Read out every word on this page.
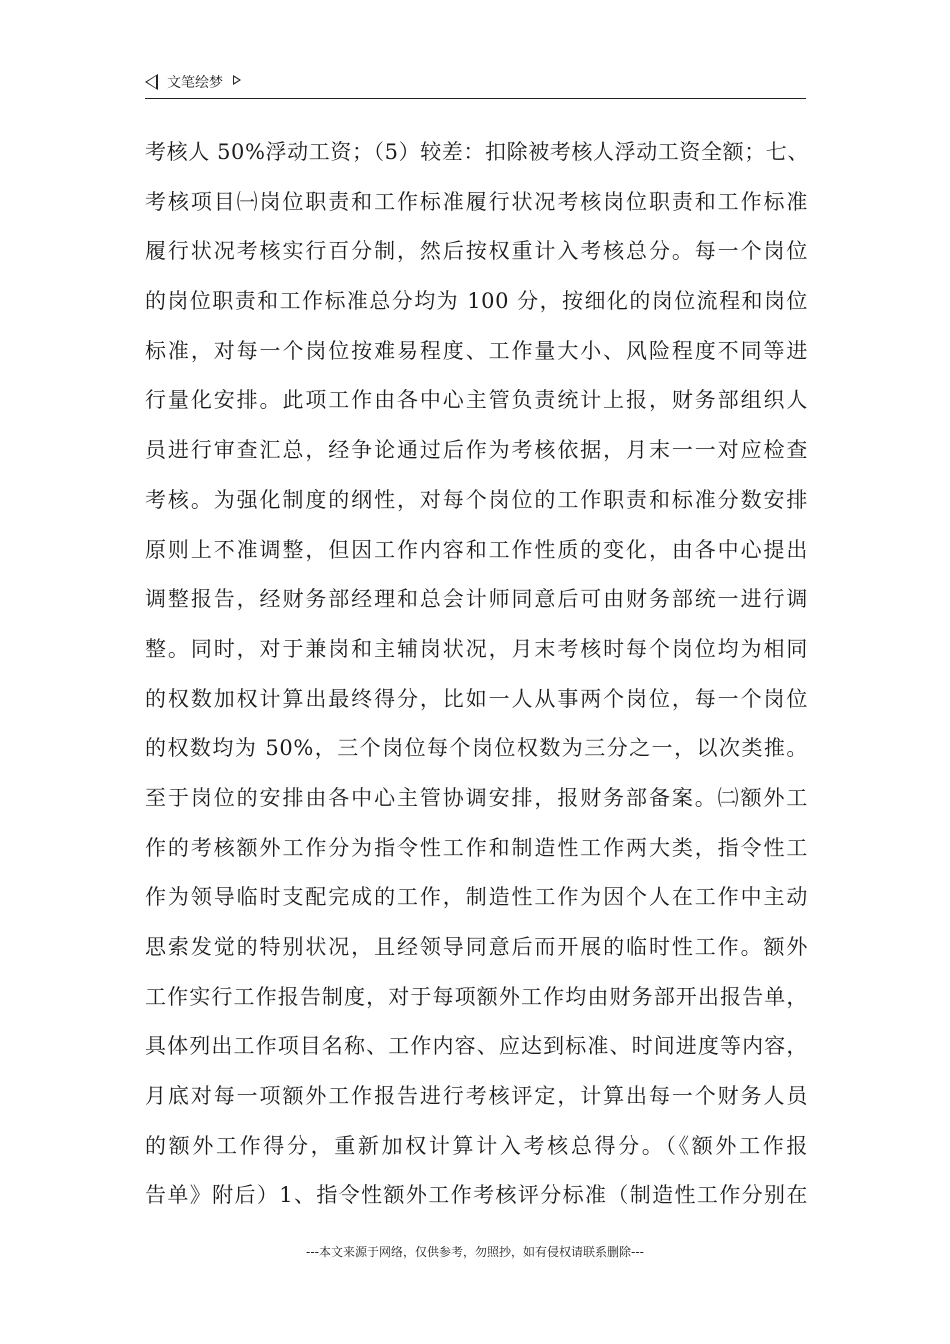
文笔绘梦
考核人 50%浮动工资；（5）较差：扣除被考核人浮动工资全额；七、
考核项目㈠岗位职责和工作标准履行状况考核岗位职责和工作标准
履行状况考核实行百分制，然后按权重计入考核总分。每一个岗位
的岗位职责和工作标准总分均为 100 分，按细化的岗位流程和岗位
标准，对每一个岗位按难易程度、工作量大小、风险程度不同等进
行量化安排。此项工作由各中心主管负责统计上报，财务部组织人
员进行审查汇总，经争论通过后作为考核依据，月末一一对应检查
考核。为强化制度的纲性，对每个岗位的工作职责和标准分数安排
原则上不准调整，但因工作内容和工作性质的变化，由各中心提出
调整报告，经财务部经理和总会计师同意后可由财务部统一进行调
整。同时，对于兼岗和主辅岗状况，月末考核时每个岗位均为相同
的权数加权计算出最终得分，比如一人从事两个岗位，每一个岗位
的权数均为 50%，三个岗位每个岗位权数为三分之一，以次类推。
至于岗位的安排由各中心主管协调安排，报财务部备案。㈡额外工
作的考核额外工作分为指令性工作和制造性工作两大类，指令性工
作为领导临时支配完成的工作，制造性工作为因个人在工作中主动
思索发觉的特别状况，且经领导同意后而开展的临时性工作。额外
工作实行工作报告制度，对于每项额外工作均由财务部开出报告单，
具体列出工作项目名称、工作内容、应达到标准、时间进度等内容，
月底对每一项额外工作报告进行考核评定，计算出每一个财务人员
的额外工作得分，重新加权计算计入考核总得分。（《额外工作报
告单》附后）1、指令性额外工作考核评分标准（制造性工作分别在
---本文来源于网络，仅供参考，勿照抄，如有侵权请联系删除---
